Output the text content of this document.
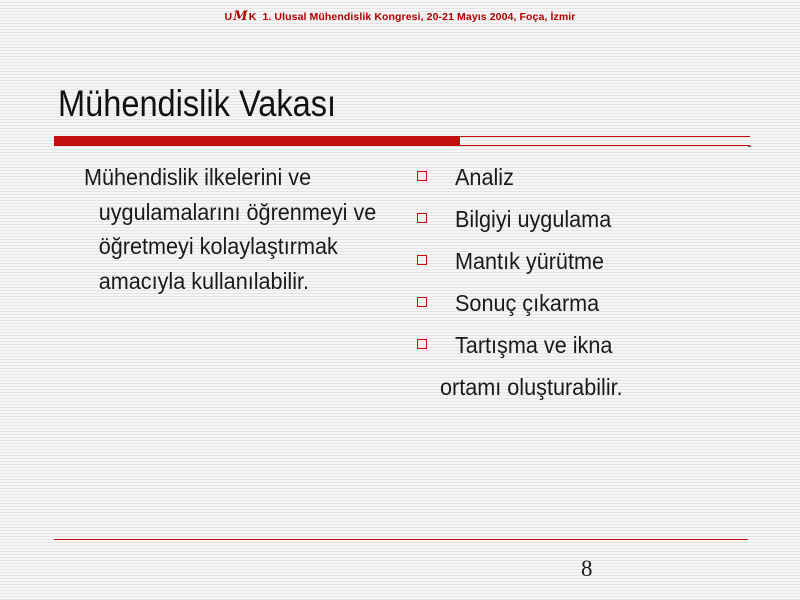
UMK 1. Ulusal Mühendislik Kongresi, 20-21 Mayıs 2004, Foça, İzmir
Mühendislik Vakası

Mühendislik ilkelerini ve uygulamalarını öğrenmeyi ve öğretmeyi kolaylaştırmak amacıyla kullanılabilir.

Analiz
Bilgiyi uygulama
Mantık yürütme
Sonuç çıkarma
Tartışma ve ikna
ortamı oluşturabilir.
8
